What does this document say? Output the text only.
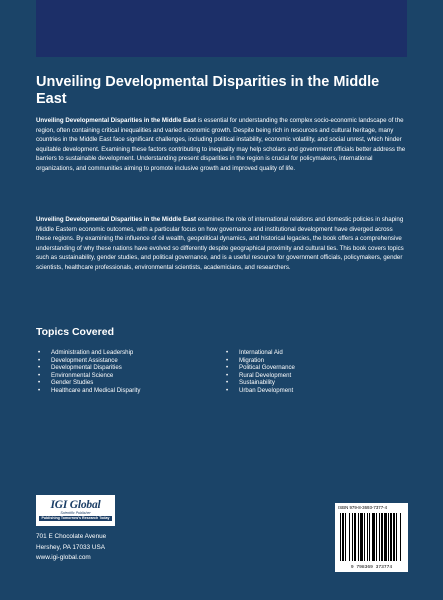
Unveiling Developmental Disparities in the Middle East

Unveiling Developmental Disparities in the Middle East is essential for understanding the complex socio-economic landscape of the region, often containing critical inequalities and varied economic growth. Despite being rich in resources and cultural heritage, many countries in the Middle East face significant challenges, including political instability, economic volatility, and social unrest, which hinder equitable development. Examining these factors contributing to inequality may help scholars and government officials better address the barriers to sustainable development. Understanding present disparities in the region is crucial for policymakers, international organizations, and communities aiming to promote inclusive growth and improved quality of life.

Unveiling Developmental Disparities in the Middle East examines the role of international relations and domestic policies in shaping Middle Eastern economic outcomes, with a particular focus on how governance and institutional development have diverged across these regions. By examining the influence of oil wealth, geopolitical dynamics, and historical legacies, the book offers a comprehensive understanding of why these nations have evolved so differently despite geographical proximity and cultural ties. This book covers topics such as sustainability, gender studies, and political governance, and is a useful resource for government officials, policymakers, gender scientists, healthcare professionals, environmental scientists, academicians, and researchers.

Topics Covered
• Administration and Leadership
• Development Assistance
• Developmental Disparities
• Environmental Science
• Gender Studies
• Healthcare and Medical Disparity
• International Aid
• Migration
• Political Governance
• Rural Development
• Sustainability
• Urban Development
IGI Global
Scientific Publisher
Publishing Tomorrow's Research Today
701 E Chocolate Avenue
Hershey, PA 17033 USA
www.igi-global.com
ISBN 979-8-3693-7377-4
9 798369 373774
